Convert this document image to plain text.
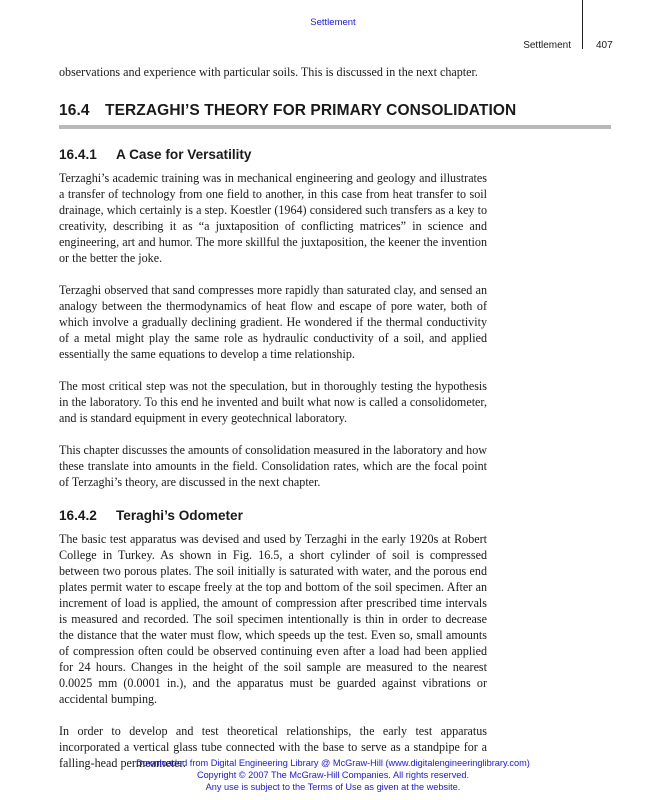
Settlement
Settlement	407

observations and experience with particular soils. This is discussed in the next chapter.

16.4 TERZAGHI’S THEORY FOR PRIMARY CONSOLIDATION
16.4.1 A Case for Versatility

Terzaghi’s academic training was in mechanical engineering and geology and illustrates a transfer of technology from one field to another, in this case from heat transfer to soil drainage, which certainly is a step. Koestler (1964) considered such transfers as a key to creativity, describing it as “a juxtaposition of conflicting matrices” in science and engineering, art and humor. The more skillful the juxtaposition, the keener the invention or the better the joke.

Terzaghi observed that sand compresses more rapidly than saturated clay, and sensed an analogy between the thermodynamics of heat flow and escape of pore water, both of which involve a gradually declining gradient. He wondered if the thermal conductivity of a metal might play the same role as hydraulic conductivity of a soil, and applied essentially the same equations to develop a time relationship.

The most critical step was not the speculation, but in thoroughly testing the hypothesis in the laboratory. To this end he invented and built what now is called a consolidometer, and is standard equipment in every geotechnical laboratory.

This chapter discusses the amounts of consolidation measured in the laboratory and how these translate into amounts in the field. Consolidation rates, which are the focal point of Terzaghi’s theory, are discussed in the next chapter.

16.4.2 Teraghi’s Odometer

The basic test apparatus was devised and used by Terzaghi in the early 1920s at Robert College in Turkey. As shown in Fig. 16.5, a short cylinder of soil is compressed between two porous plates. The soil initially is saturated with water, and the porous end plates permit water to escape freely at the top and bottom of the soil specimen. After an increment of load is applied, the amount of compression after prescribed time intervals is measured and recorded. The soil specimen intentionally is thin in order to decrease the distance that the water must flow, which speeds up the test. Even so, small amounts of compression often could be observed continuing even after a load had been applied for 24 hours. Changes in the height of the soil sample are measured to the nearest 0.0025 mm (0.0001 in.), and the apparatus must be guarded against vibrations or accidental bumping.

In order to develop and test theoretical relationships, the early test apparatus incorporated a vertical glass tube connected with the base to serve as a standpipe for a falling-head permeameter.

Downloaded from Digital Engineering Library @ McGraw-Hill (www.digitalengineeringlibrary.com)
Copyright © 2007 The McGraw-Hill Companies. All rights reserved.
Any use is subject to the Terms of Use as given at the website.
